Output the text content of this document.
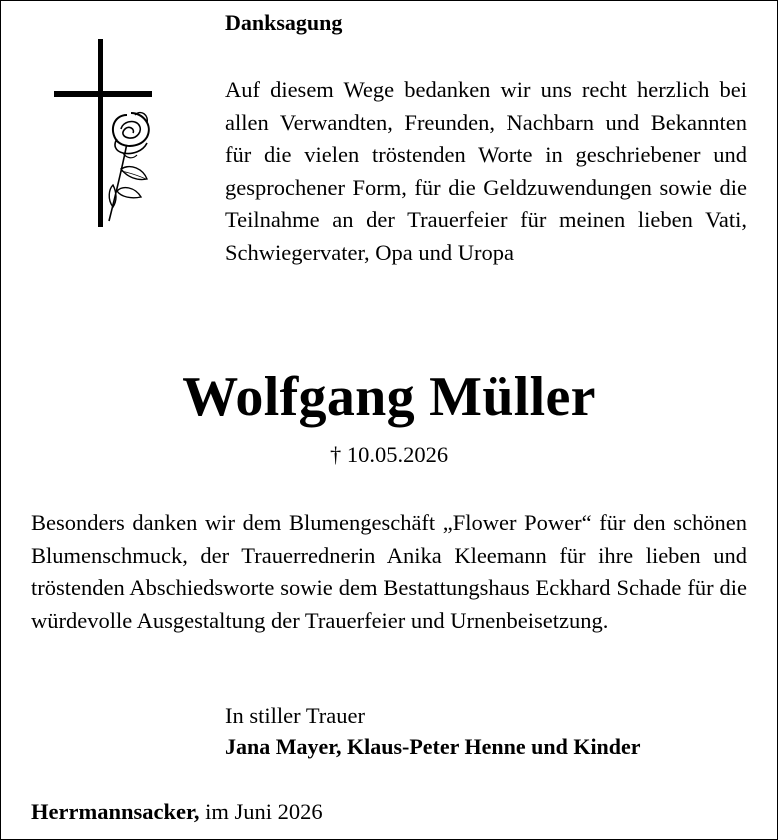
Danksagung

Auf diesem Wege bedanken wir uns recht herzlich bei allen Verwandten, Freunden, Nachbarn und Bekannten für die vielen tröstenden Worte in geschriebener und gesprochener Form, für die Geldzuwendungen sowie die Teilnahme an der Trauerfeier für meinen lieben Vati, Schwiegervater, Opa und Uropa

Wolfgang Müller
† 10.05.2026

Besonders danken wir dem Blumengeschäft „Flower Power“ für den schönen Blumenschmuck, der Trauerrednerin Anika Kleemann für ihre lieben und tröstenden Abschiedsworte sowie dem Bestattungshaus Eckhard Schade für die würdevolle Ausgestaltung der Trauerfeier und Urnenbeisetzung.

In stiller Trauer
Jana Mayer, Klaus-Peter Henne und Kinder
Herrmannsacker, im Juni 2026
